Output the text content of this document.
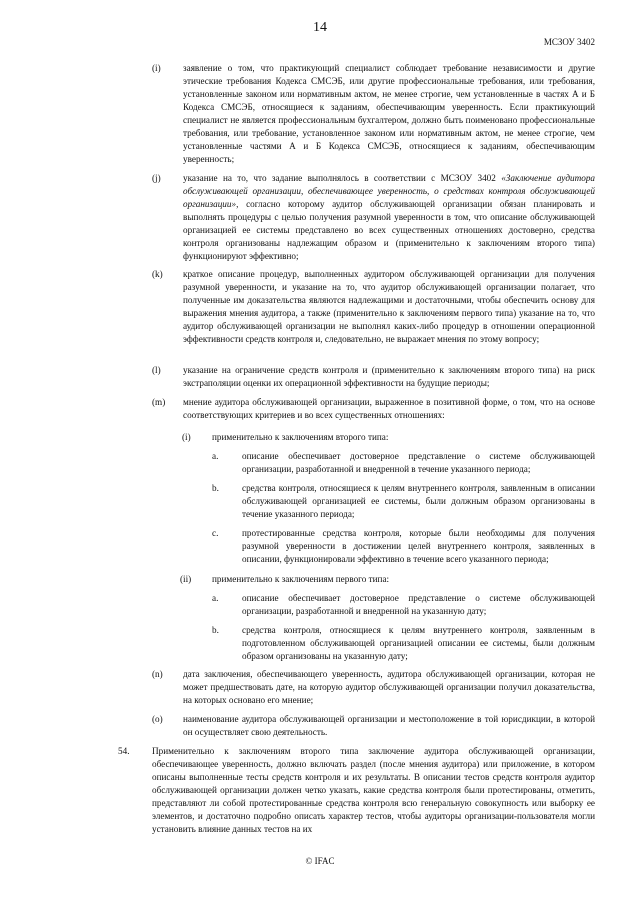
14
МСЗОУ 3402
(i) заявление о том, что практикующий специалист соблюдает требование независимости и другие этические требования Кодекса СМСЭБ, или другие профессиональные требования, или требования, установленные законом или нормативным актом, не менее строгие, чем установленные в частях А и Б Кодекса СМСЭБ, относящиеся к заданиям, обеспечивающим уверенность. Если практикующий специалист не является профессиональным бухгалтером, должно быть поименовано профессиональные требования, или требование, установленное законом или нормативным актом, не менее строгие, чем установленные частями А и Б Кодекса СМСЭБ, относящиеся к заданиям, обеспечивающим уверенность;
(j) указание на то, что задание выполнялось в соответствии с МСЗОУ 3402 «Заключение аудитора обслуживающей организации, обеспечивающее уверенность, о средствах контроля обслуживающей организации», согласно которому аудитор обслуживающей организации обязан планировать и выполнять процедуры с целью получения разумной уверенности в том, что описание обслуживающей организацией ее системы представлено во всех существенных отношениях достоверно, средства контроля организованы надлежащим образом и (применительно к заключениям второго типа) функционируют эффективно;
(k) краткое описание процедур, выполненных аудитором обслуживающей организации для получения разумной уверенности, и указание на то, что аудитор обслуживающей организации полагает, что полученные им доказательства являются надлежащими и достаточными, чтобы обеспечить основу для выражения мнения аудитора, а также (применительно к заключениям первого типа) указание на то, что аудитор обслуживающей организации не выполнял каких-либо процедур в отношении операционной эффективности средств контроля и, следовательно, не выражает мнения по этому вопросу;
(l) указание на ограничение средств контроля и (применительно к заключениям второго типа) на риск экстраполяции оценки их операционной эффективности на будущие периоды;
(m) мнение аудитора обслуживающей организации, выраженное в позитивной форме, о том, что на основе соответствующих критериев и во всех существенных отношениях:
(i) применительно к заключениям второго типа:
a.	описание обеспечивает достоверное представление о системе обслуживающей организации, разработанной и внедренной в течение указанного периода;
b.	средства контроля, относящиеся к целям внутреннего контроля, заявленным в описании обслуживающей организацией ее системы, были должным образом организованы в течение указанного периода;
c.	протестированные средства контроля, которые были необходимы для получения разумной уверенности в достижении целей внутреннего контроля, заявленных в описании, функционировали эффективно в течение всего указанного периода;
(ii) применительно к заключениям первого типа:
a.	описание обеспечивает достоверное представление о системе обслуживающей организации, разработанной и внедренной на указанную дату;
b.	средства контроля, относящиеся к целям внутреннего контроля, заявленным в подготовленном обслуживающей организацией описании ее системы, были должным образом организованы на указанную дату;
(n) дата заключения, обеспечивающего уверенность, аудитора обслуживающей организации, которая не может предшествовать дате, на которую аудитор обслуживающей организации получил доказательства, на которых основано его мнение;
(o) наименование аудитора обслуживающей организации и местоположение в той юрисдикции, в которой он осуществляет свою деятельность.
54. Применительно к заключениям второго типа заключение аудитора обслуживающей организации, обеспечивающее уверенность, должно включать раздел (после мнения аудитора) или приложение, в котором описаны выполненные тесты средств контроля и их результаты. В описании тестов средств контроля аудитор обслуживающей организации должен четко указать, какие средства контроля были протестированы, отметить, представляют ли собой протестированные средства контроля всю генеральную совокупность или выборку ее элементов, и достаточно подробно описать характер тестов, чтобы аудиторы организации-пользователя могли установить влияние данных тестов на их
© IFAC
